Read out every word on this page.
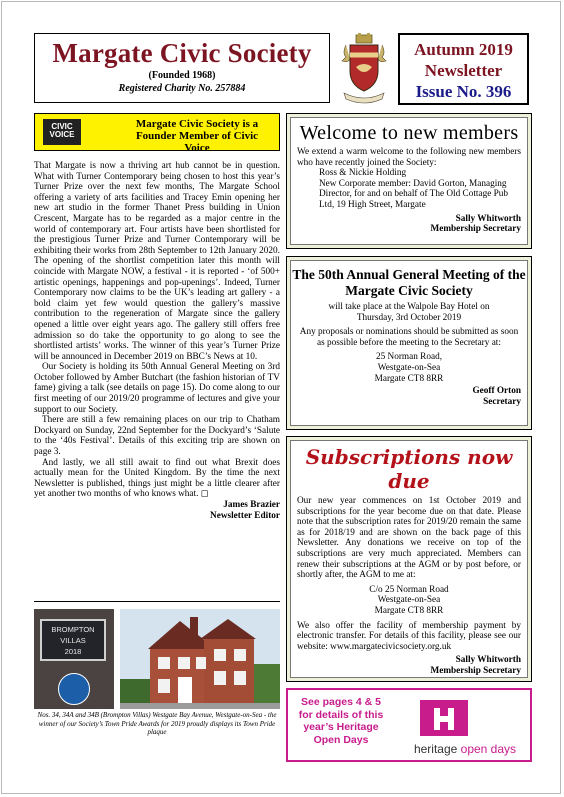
Margate Civic Society
(Founded 1968)
Registered Charity No. 257884
Autumn 2019
Newsletter
Issue No. 396
CIVIC VOICE
Margate Civic Society is a Founder Member of Civic Voice

That Margate is now a thriving art hub cannot be in question. What with Turner Contemporary being chosen to host this year’s Turner Prize over the next few months, The Margate School offering a variety of arts facilities and Tracey Emin opening her new art studio in the former Thanet Press building in Union Crescent, Margate has to be regarded as a major centre in the world of contemporary art. Four artists have been shortlisted for the prestigious Turner Prize and Turner Contemporary will be exhibiting their works from 28th September to 12th January 2020. The opening of the shortlist competition later this month will coincide with Margate NOW, a festival - it is reported - ‘of 500+ artistic openings, happenings and pop-upenings’. Indeed, Turner Contemporary now claims to be the UK’s leading art gallery - a bold claim yet few would question the gallery’s massive contribution to the regeneration of Margate since the gallery opened a little over eight years ago. The gallery still offers free admission so do take the opportunity to go along to see the shortlisted artists’ works. The winner of this year’s Turner Prize will be announced in December 2019 on BBC’s News at 10.

Our Society is holding its 50th Annual General Meeting on 3rd October followed by Amber Butchart (the fashion historian of TV fame) giving a talk (see details on page 15). Do come along to our first meeting of our 2019/20 programme of lectures and give your support to our Society.

There are still a few remaining places on our trip to Chatham Dockyard on Sunday, 22nd September for the Dockyard’s ‘Salute to the ‘40s Festival’. Details of this exciting trip are shown on page 3.

And lastly, we all still await to find out what Brexit does actually mean for the United Kingdom. By the time the next Newsletter is published, things just might be a little clearer after yet another two months of who knows what. ◻

James Brazier
Newsletter Editor
BROMPTON
VILLAS
2018
Nos. 34, 34A and 34B (Brompton Villas) Westgate Bay Avenue, Westgate-on-Sea - the winner of our Society’s Town Pride Awards for 2019 proudly displays its Town Pride plaque
Welcome to new members
We extend a warm welcome to the following new members who have recently joined the Society:
Ross & Nickie Holding
New Corporate member: David Gorton, Managing Director, for and on behalf of The Old Cottage Pub Ltd, 19 High Street, Margate
Sally Whitworth
Membership Secretary
The 50th Annual General Meeting of the Margate Civic Society
will take place at the Walpole Bay Hotel on Thursday, 3rd October 2019
Any proposals or nominations should be submitted as soon as possible before the meeting to the Secretary at:
25 Norman Road,
Westgate-on-Sea
Margate CT8 8RR
Geoff Orton
Secretary
Subscriptions now due
Our new year commences on 1st October 2019 and subscriptions for the year become due on that date. Please note that the subscription rates for 2019/20 remain the same as for 2018/19 and are shown on the back page of this Newsletter. Any donations we receive on top of the subscriptions are very much appreciated. Members can renew their subscriptions at the AGM or by post before, or shortly after, the AGM to me at:
C/o 25 Norman Road
Westgate-on-Sea
Margate CT8 8RR
We also offer the facility of membership payment by electronic transfer. For details of this facility, please see our website: www.margatecivicsociety.org.uk
Sally Whitworth
Membership Secretary
See pages 4 & 5 for details of this year’s Heritage Open Days
heritage open days
